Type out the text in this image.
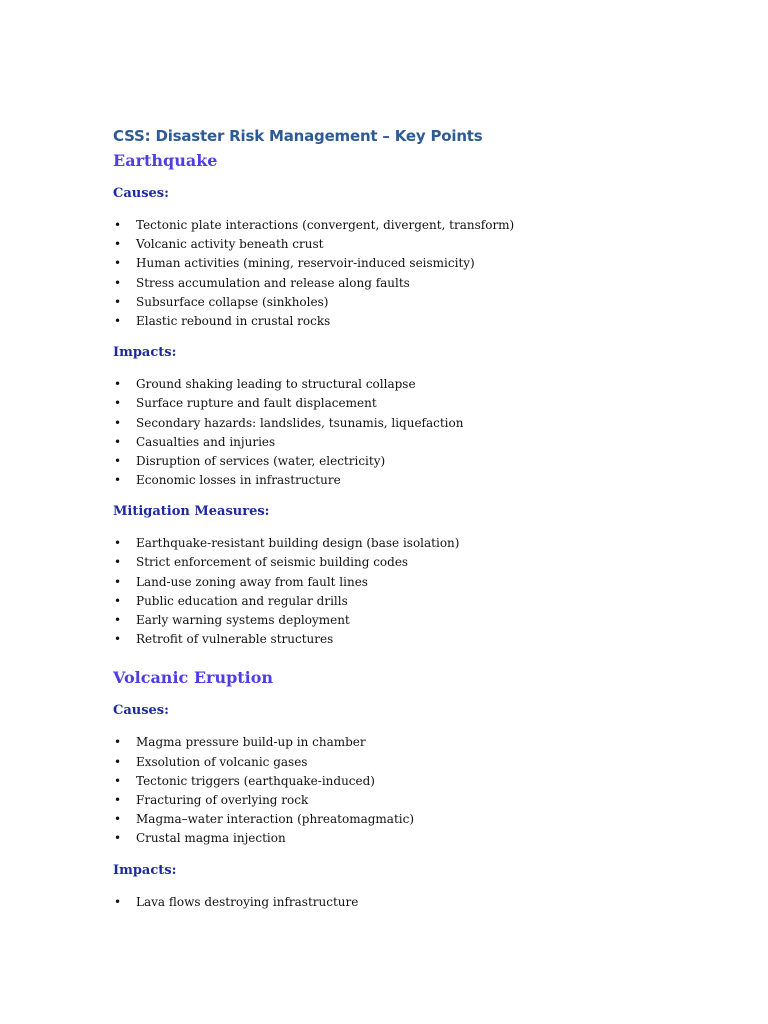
CSS: Disaster Risk Management – Key Points
Earthquake
Causes:
• Tectonic plate interactions (convergent, divergent, transform)
• Volcanic activity beneath crust
• Human activities (mining, reservoir-induced seismicity)
• Stress accumulation and release along faults
• Subsurface collapse (sinkholes)
• Elastic rebound in crustal rocks
Impacts:
• Ground shaking leading to structural collapse
• Surface rupture and fault displacement
• Secondary hazards: landslides, tsunamis, liquefaction
• Casualties and injuries
• Disruption of services (water, electricity)
• Economic losses in infrastructure
Mitigation Measures:
• Earthquake-resistant building design (base isolation)
• Strict enforcement of seismic building codes
• Land-use zoning away from fault lines
• Public education and regular drills
• Early warning systems deployment
• Retrofit of vulnerable structures
Volcanic Eruption
Causes:
• Magma pressure build-up in chamber
• Exsolution of volcanic gases
• Tectonic triggers (earthquake-induced)
• Fracturing of overlying rock
• Magma–water interaction (phreatomagmatic)
• Crustal magma injection
Impacts:
• Lava flows destroying infrastructure
